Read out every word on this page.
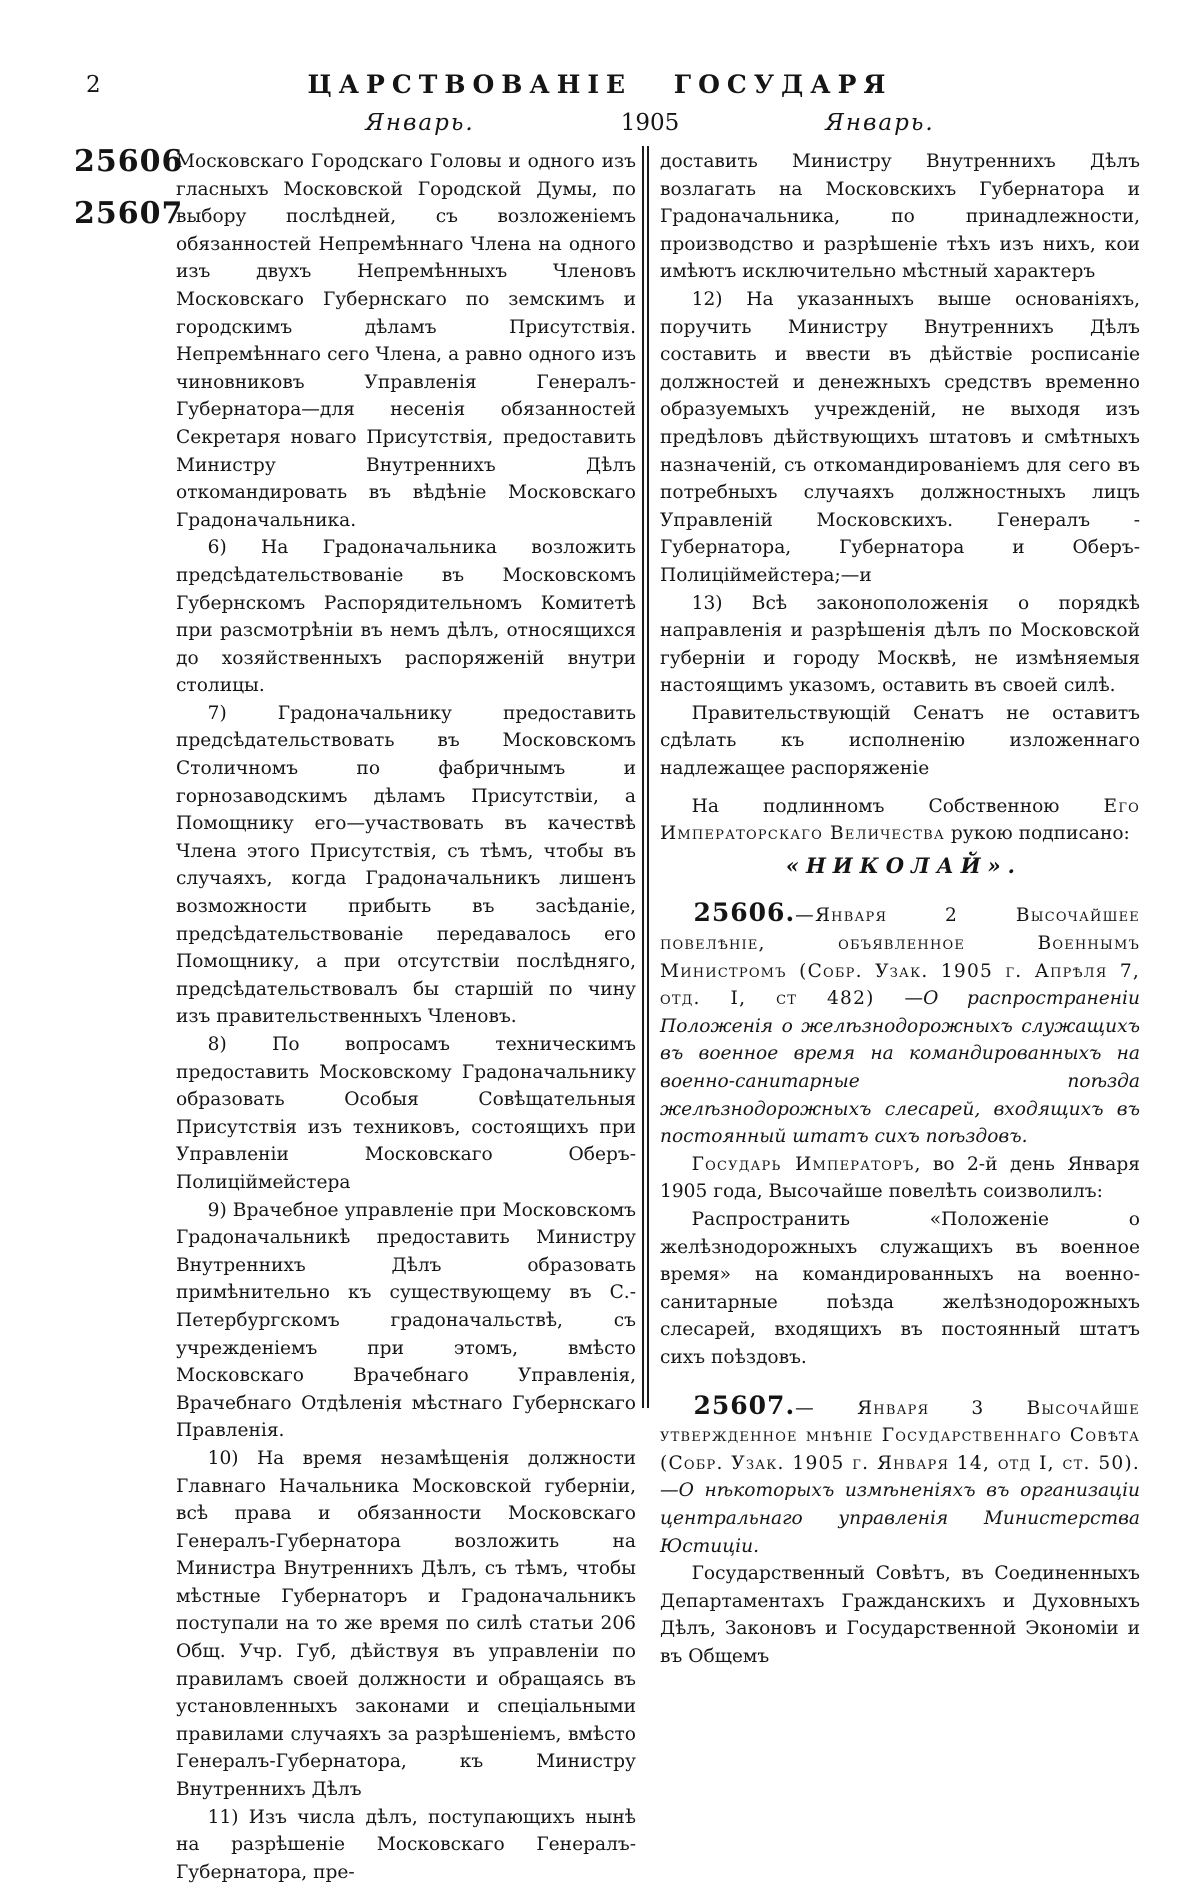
2	ЦАРСТВОВАНІЕ ГОСУДАРЯ
Январь.	1905	Январь.
25606
25607

Московскаго Городскаго Головы и одного изъ гласныхъ Московской Городской Думы, по выбору послѣдней, съ возложеніемъ обязанностей Непремѣннаго Члена на одного изъ двухъ Непремѣнныхъ Членовъ Московскаго Губернскаго по земскимъ и городскимъ дѣламъ Присутствія. Непремѣннаго сего Члена, а равно одного изъ чиновниковъ Управленія Генералъ-Губернатора—для несенія обязанностей Секретаря новаго Присутствія, предоставить Министру Внутреннихъ Дѣлъ откомандировать въ вѣдѣніе Московскаго Градоначальника.

6) На Градоначальника возложить предсѣдательствованіе въ Московскомъ Губернскомъ Распорядительномъ Комитетѣ при разсмотрѣніи въ немъ дѣлъ, относящихся до хозяйственныхъ распоряженій внутри столицы.

7) Градоначальнику предоставить предсѣдательствовать въ Московскомъ Столичномъ по фабричнымъ и горнозаводскимъ дѣламъ Присутствіи, а Помощнику его—участвовать въ качествѣ Члена этого Присутствія, съ тѣмъ, чтобы въ случаяхъ, когда Градоначальникъ лишенъ возможности прибыть въ засѣданіе, предсѣдательствованіе передавалось его Помощнику, а при отсутствіи послѣдняго, предсѣдательствовалъ бы старшій по чину изъ правительственныхъ Членовъ.

8) По вопросамъ техническимъ предоставить Московскому Градоначальнику образовать Особыя Совѣщательныя Присутствія изъ техниковъ, состоящихъ при Управленіи Московскаго Оберъ-Полиціймейстера

9) Врачебное управленіе при Московскомъ Градоначальникѣ предоставить Министру Внутреннихъ Дѣлъ образовать примѣнительно къ существующему въ С.-Петербургскомъ градоначальствѣ, съ учрежденіемъ при этомъ, вмѣсто Московскаго Врачебнаго Управленія, Врачебнаго Отдѣленія мѣстнаго Губернскаго Правленія.

10) На время незамѣщенія должности Главнаго Начальника Московской губерніи, всѣ права и обязанности Московскаго Генералъ-Губернатора возложить на Министра Внутреннихъ Дѣлъ, съ тѣмъ, чтобы мѣстные Губернаторъ и Градоначальникъ поступали на то же время по силѣ статьи 206 Общ. Учр. Губ, дѣйствуя въ управленіи по правиламъ своей должности и обращаясь въ установленныхъ законами и спеціальными правилами случаяхъ за разрѣшеніемъ, вмѣсто Генералъ-Губернатора, къ Министру Внутреннихъ Дѣлъ

11) Изъ числа дѣлъ, поступающихъ нынѣ на разрѣшеніе Московскаго Генералъ-Губернатора, пре-

доставить Министру Внутреннихъ Дѣлъ возлагать на Московскихъ Губернатора и Градоначальника, по принадлежности, производство и разрѣшеніе тѣхъ изъ нихъ, кои имѣютъ исключительно мѣстный характеръ

12) На указанныхъ выше основаніяхъ, поручить Министру Внутреннихъ Дѣлъ составить и ввести въ дѣйствіе росписаніе должностей и денежныхъ средствъ временно образуемыхъ учрежденій, не выходя изъ предѣловъ дѣйствующихъ штатовъ и смѣтныхъ назначеній, съ откомандированіемъ для сего въ потребныхъ случаяхъ должностныхъ лицъ Управленій Московскихъ. Генералъ - Губернатора, Губернатора и Оберъ-Полиціймейстера;—и

13) Всѣ законоположенія о порядкѣ направленія и разрѣшенія дѣлъ по Московской губерніи и городу Москвѣ, не измѣняемыя настоящимъ указомъ, оставить въ своей силѣ.

Правительствующій Сенатъ не оставитъ сдѣлать къ исполненію изложеннаго надлежащее распоряженіе

На подлинномъ Собственною Его Императорскаго Величества рукою подписано:

«НИКОЛАЙ».

25606.—Января 2 Высочайшее повелѣніе, объявленное Военнымъ Министромъ (Собр. Узак. 1905 г. Апрѣля 7, отд. I, ст 482) —О распространеніи Положенія о желѣзнодорожныхъ служащихъ въ военное время на командированныхъ на военно-санитарные поѣзда желѣзнодорожныхъ слесарей, входящихъ въ постоянный штатъ сихъ поѣздовъ.

Государь Императоръ, во 2-й день Января 1905 года, Высочайше повелѣть соизволилъ:

Распространить «Положеніе о желѣзнодорожныхъ служащихъ въ военное время» на командированныхъ на военно-санитарные поѣзда желѣзнодорожныхъ слесарей, входящихъ въ постоянный штатъ сихъ поѣздовъ.

25607.— Января 3 Высочайше утвержденное мнѣніе Государственнаго Совѣта (Собр. Узак. 1905 г. Января 14, отд I, ст. 50).—О нѣкоторыхъ измѣненіяхъ въ организаціи центральнаго управленія Министерства Юстиціи.

Государственный Совѣтъ, въ Соединенныхъ Департаментахъ Гражданскихъ и Духовныхъ Дѣлъ, Законовъ и Государственной Экономіи и въ Общемъ
